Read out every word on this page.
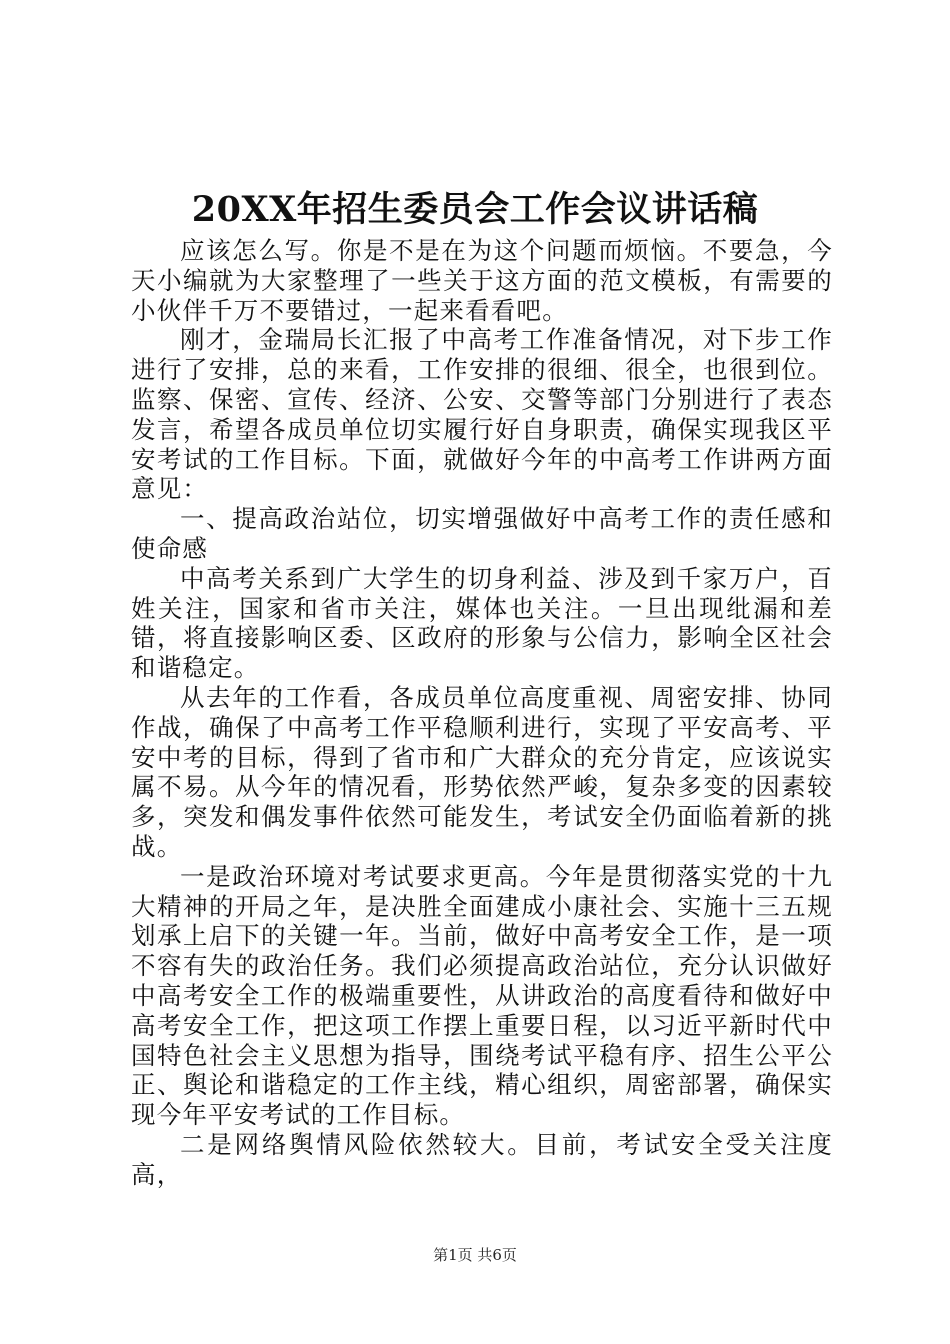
20XX年招生委员会工作会议讲话稿

应该怎么写。你是不是在为这个问题而烦恼。不要急，今天小编就为大家整理了一些关于这方面的范文模板，有需要的小伙伴千万不要错过，一起来看看吧。

刚才，金瑞局长汇报了中高考工作准备情况，对下步工作进行了安排，总的来看，工作安排的很细、很全，也很到位。监察、保密、宣传、经济、公安、交警等部门分别进行了表态发言，希望各成员单位切实履行好自身职责，确保实现我区平安考试的工作目标。下面，就做好今年的中高考工作讲两方面意见：

一、提高政治站位，切实增强做好中高考工作的责任感和使命感

中高考关系到广大学生的切身利益、涉及到千家万户，百姓关注，国家和省市关注，媒体也关注。一旦出现纰漏和差错，将直接影响区委、区政府的形象与公信力，影响全区社会和谐稳定。

从去年的工作看，各成员单位高度重视、周密安排、协同作战，确保了中高考工作平稳顺利进行，实现了平安高考、平安中考的目标，得到了省市和广大群众的充分肯定，应该说实属不易。从今年的情况看，形势依然严峻，复杂多变的因素较多，突发和偶发事件依然可能发生，考试安全仍面临着新的挑战。

一是政治环境对考试要求更高。今年是贯彻落实党的十九大精神的开局之年，是决胜全面建成小康社会、实施十三五规划承上启下的关键一年。当前，做好中高考安全工作，是一项不容有失的政治任务。我们必须提高政治站位，充分认识做好中高考安全工作的极端重要性，从讲政治的高度看待和做好中高考安全工作，把这项工作摆上重要日程，以习近平新时代中国特色社会主义思想为指导，围绕考试平稳有序、招生公平公正、舆论和谐稳定的工作主线，精心组织，周密部署，确保实现今年平安考试的工作目标。

二是网络舆情风险依然较大。目前，考试安全受关注度高，

第1页 共6页
